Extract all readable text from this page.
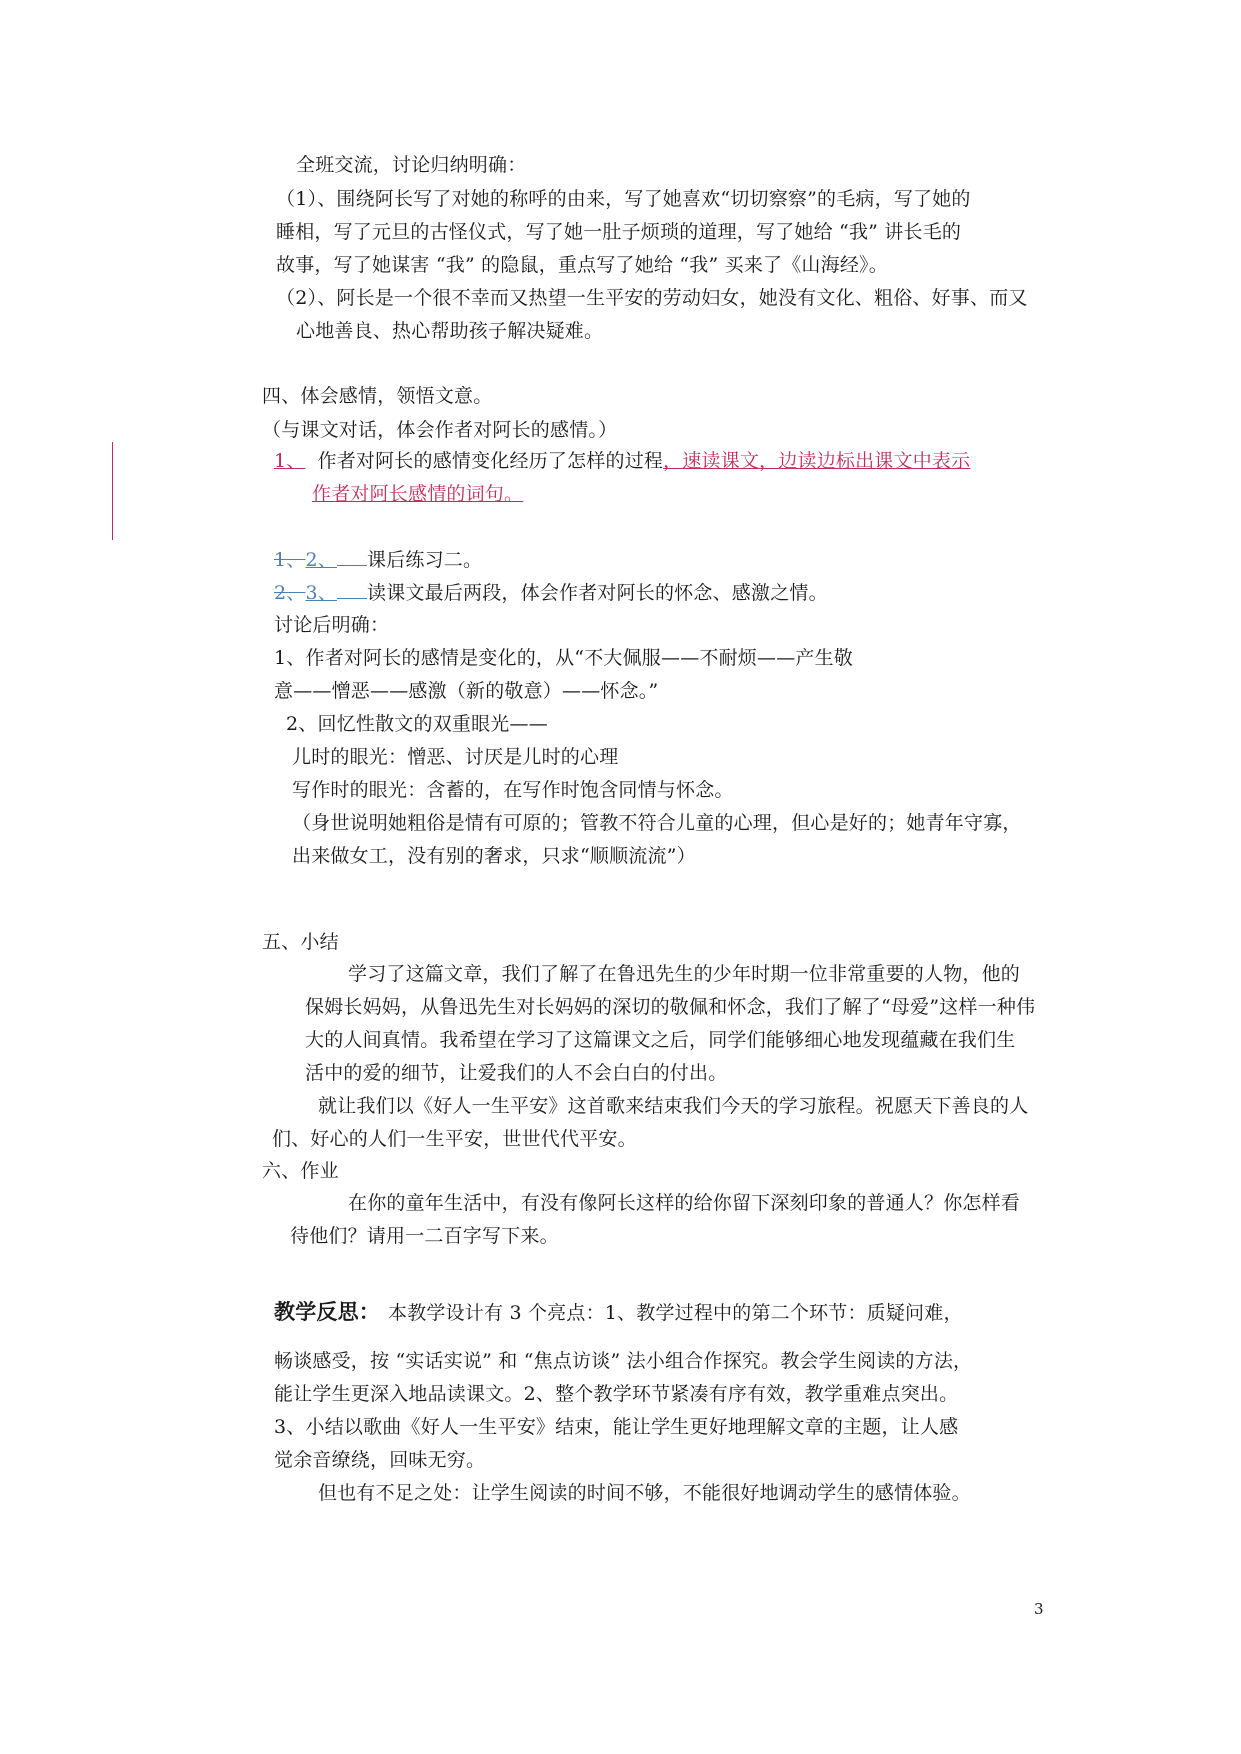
全班交流，讨论归纳明确：
（1）、围绕阿长写了对她的称呼的由来，写了她喜欢“切切察察”的毛病，写了她的
睡相，写了元旦的古怪仪式，写了她一肚子烦琐的道理，写了她给 “我” 讲长毛的
故事，写了她谋害 “我” 的隐鼠，重点写了她给 “我” 买来了《山海经》。
（2）、阿长是一个很不幸而又热望一生平安的劳动妇女，她没有文化、粗俗、好事、而又
心地善良、热心帮助孩子解决疑难。
四、体会感情，领悟文意。
（与课文对话，体会作者对阿长的感情。）
1、 作者对阿长的感情变化经历了怎样的过程，速读课文，边读边标出课文中表示
作者对阿长感情的词句。
1、2、 课后练习二。
2、3、 读课文最后两段，体会作者对阿长的怀念、感激之情。
讨论后明确：
1、作者对阿长的感情是变化的，从“不大佩服——不耐烦——产生敬
意——憎恶——感激（新的敬意）——怀念。”
2、回忆性散文的双重眼光——
儿时的眼光：憎恶、讨厌是儿时的心理
写作时的眼光：含蓄的，在写作时饱含同情与怀念。
（身世说明她粗俗是情有可原的；管教不符合儿童的心理，但心是好的；她青年守寡，
出来做女工，没有别的奢求，只求“顺顺流流”）
五、小结
学习了这篇文章，我们了解了在鲁迅先生的少年时期一位非常重要的人物，他的
保姆长妈妈，从鲁迅先生对长妈妈的深切的敬佩和怀念，我们了解了“母爱”这样一种伟
大的人间真情。我希望在学习了这篇课文之后，同学们能够细心地发现蕴藏在我们生
活中的爱的细节，让爱我们的人不会白白的付出。
就让我们以《好人一生平安》这首歌来结束我们今天的学习旅程。祝愿天下善良的人
们、好心的人们一生平安，世世代代平安。
六、作业
在你的童年生活中，有没有像阿长这样的给你留下深刻印象的普通人？你怎样看
待他们？请用一二百字写下来。
教学反思： 本教学设计有 3 个亮点：1、教学过程中的第二个环节：质疑问难，
畅谈感受，按 “实话实说” 和 “焦点访谈” 法小组合作探究。教会学生阅读的方法，
能让学生更深入地品读课文。2、整个教学环节紧凑有序有效，教学重难点突出。
3、小结以歌曲《好人一生平安》结束，能让学生更好地理解文章的主题，让人感
觉余音缭绕，回味无穷。
但也有不足之处：让学生阅读的时间不够，不能很好地调动学生的感情体验。
3
